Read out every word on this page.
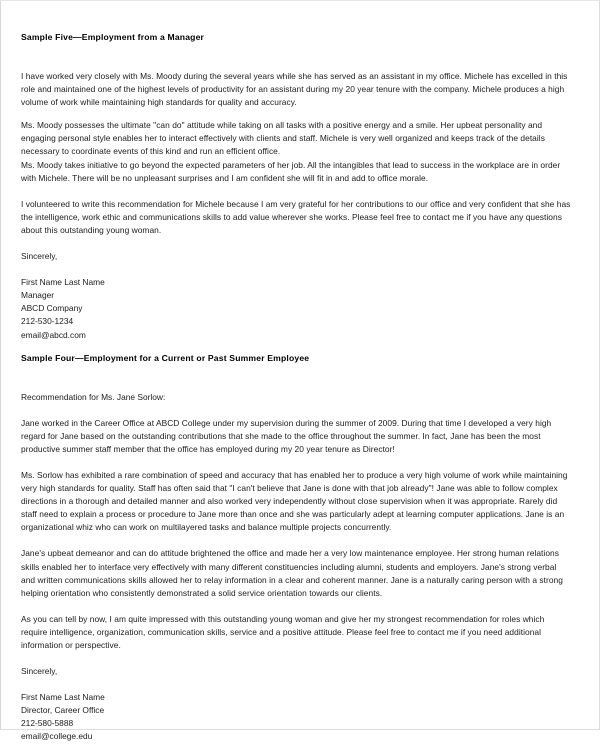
Sample Five—Employment from a Manager

I have worked very closely with Ms. Moody during the several years while she has served as an assistant in my office. Michele has excelled in this role and maintained one of the highest levels of productivity for an assistant during my 20 year tenure with the company. Michele produces a high volume of work while maintaining high standards for quality and accuracy.

Ms. Moody possesses the ultimate "can do" attitude while taking on all tasks with a positive energy and a smile. Her upbeat personality and engaging personal style enables her to interact effectively with clients and staff. Michele is very well organized and keeps track of the details necessary to coordinate events of this kind and run an efficient office.

Ms. Moody takes initiative to go beyond the expected parameters of her job. All the intangibles that lead to success in the workplace are in order with Michele. There will be no unpleasant surprises and I am confident she will fit in and add to office morale.

I volunteered to write this recommendation for Michele because I am very grateful for her contributions to our office and very confident that she has the intelligence, work ethic and communications skills to add value wherever she works. Please feel free to contact me if you have any questions about this outstanding young woman.

Sincerely,

First Name Last Name
Manager
ABCD Company
212-530-1234
email@abcd.com
Sample Four—Employment for a Current or Past Summer Employee

Recommendation for Ms. Jane Sorlow:

Jane worked in the Career Office at ABCD College under my supervision during the summer of 2009. During that time I developed a very high regard for Jane based on the outstanding contributions that she made to the office throughout the summer. In fact, Jane has been the most productive summer staff member that the office has employed during my 20 year tenure as Director!

Ms. Sorlow has exhibited a rare combination of speed and accuracy that has enabled her to produce a very high volume of work while maintaining very high standards for quality. Staff has often said that "I can't believe that Jane is done with that job already"! Jane was able to follow complex directions in a thorough and detailed manner and also worked very independently without close supervision when it was appropriate. Rarely did staff need to explain a process or procedure to Jane more than once and she was particularly adept at learning computer applications. Jane is an organizational whiz who can work on multilayered tasks and balance multiple projects concurrently.

Jane's upbeat demeanor and can do attitude brightened the office and made her a very low maintenance employee. Her strong human relations skills enabled her to interface very effectively with many different constituencies including alumni, students and employers. Jane's strong verbal and written communications skills allowed her to relay information in a clear and coherent manner. Jane is a naturally caring person with a strong helping orientation who consistently demonstrated a solid service orientation towards our clients.

As you can tell by now, I am quite impressed with this outstanding young woman and give her my strongest recommendation for roles which require intelligence, organization, communication skills, service and a positive attitude. Please feel free to contact me if you need additional information or perspective.

Sincerely,

First Name Last Name
Director, Career Office
212-580-5888
email@college.edu
